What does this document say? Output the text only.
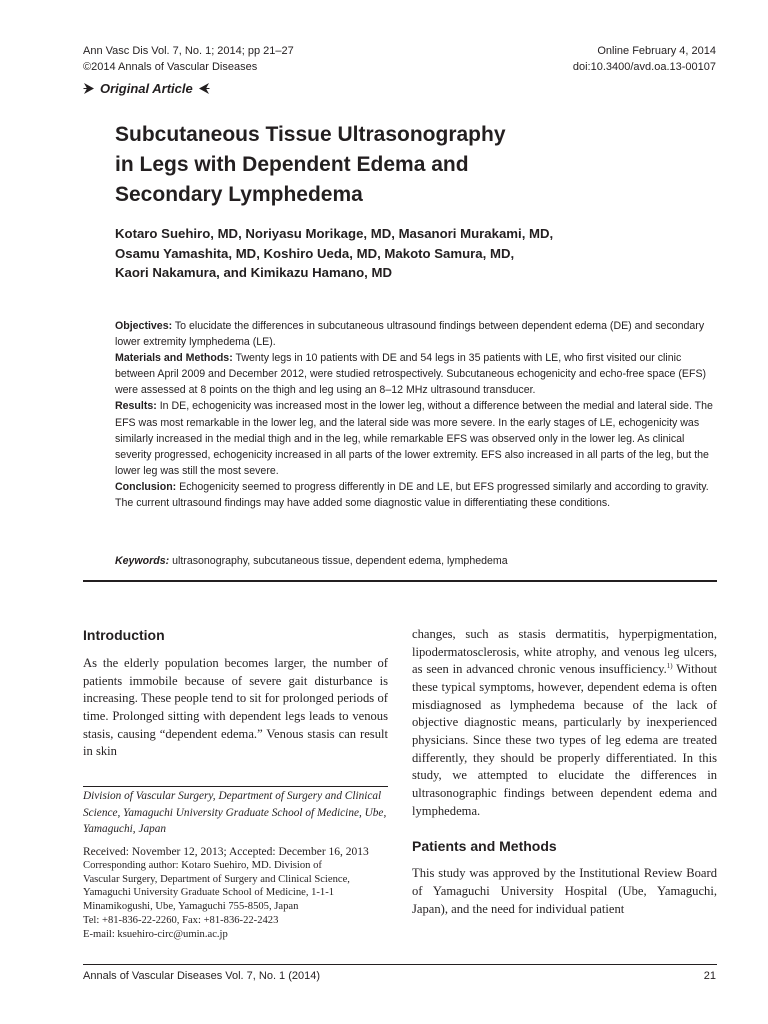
Ann Vasc Dis Vol. 7, No. 1; 2014; pp 21–27
©2014 Annals of Vascular Diseases
Online February 4, 2014
doi:10.3400/avd.oa.13-00107
Original Article
Subcutaneous Tissue Ultrasonography
in Legs with Dependent Edema and
Secondary Lymphedema
Kotaro Suehiro, MD, Noriyasu Morikage, MD, Masanori Murakami, MD,
Osamu Yamashita, MD, Koshiro Ueda, MD, Makoto Samura, MD,
Kaori Nakamura, and Kimikazu Hamano, MD

Objectives: To elucidate the differences in subcutaneous ultrasound findings between dependent edema (DE) and secondary lower extremity lymphedema (LE).

Materials and Methods: Twenty legs in 10 patients with DE and 54 legs in 35 patients with LE, who first visited our clinic between April 2009 and December 2012, were studied retrospectively. Subcutaneous echogenicity and echo-free space (EFS) were assessed at 8 points on the thigh and leg using an 8–12 MHz ultrasound transducer.

Results: In DE, echogenicity was increased most in the lower leg, without a difference between the medial and lateral side. The EFS was most remarkable in the lower leg, and the lateral side was more severe. In the early stages of LE, echogenicity was similarly increased in the medial thigh and in the leg, while remarkable EFS was observed only in the lower leg. As clinical severity progressed, echogenicity increased in all parts of the lower extremity. EFS also increased in all parts of the leg, but the lower leg was still the most severe.

Conclusion: Echogenicity seemed to progress differently in DE and LE, but EFS progressed similarly and according to gravity. The current ultrasound findings may have added some diagnostic value in differentiating these conditions.

Keywords: ultrasonography, subcutaneous tissue, dependent edema, lymphedema
Introduction

As the elderly population becomes larger, the number of patients immobile because of severe gait disturbance is increasing. These people tend to sit for prolonged periods of time. Prolonged sitting with dependent legs leads to venous stasis, causing “dependent edema.” Venous stasis can result in skin

Division of Vascular Surgery, Department of Surgery and Clinical Science, Yamaguchi University Graduate School of Medicine, Ube, Yamaguchi, Japan
Received: November 12, 2013; Accepted: December 16, 2013
Corresponding author: Kotaro Suehiro, MD. Division of
Vascular Surgery, Department of Surgery and Clinical Science,
Yamaguchi University Graduate School of Medicine, 1-1-1
Minamikogushi, Ube, Yamaguchi 755-8505, Japan
Tel: +81-836-22-2260, Fax: +81-836-22-2423
E-mail: ksuehiro-circ@umin.ac.jp

changes, such as stasis dermatitis, hyperpigmentation, lipodermatosclerosis, white atrophy, and venous leg ulcers, as seen in advanced chronic venous insufficiency.$^{1)}$ Without these typical symptoms, however, dependent edema is often misdiagnosed as lymphedema because of the lack of objective diagnostic means, particularly by inexperienced physicians. Since these two types of leg edema are treated differently, they should be properly differentiated. In this study, we attempted to elucidate the differences in ultrasonographic findings between dependent edema and lymphedema.

Patients and Methods

This study was approved by the Institutional Review Board of Yamaguchi University Hospital (Ube, Yamaguchi, Japan), and the need for individual patient

Annals of Vascular Diseases Vol. 7, No. 1 (2014)	21
